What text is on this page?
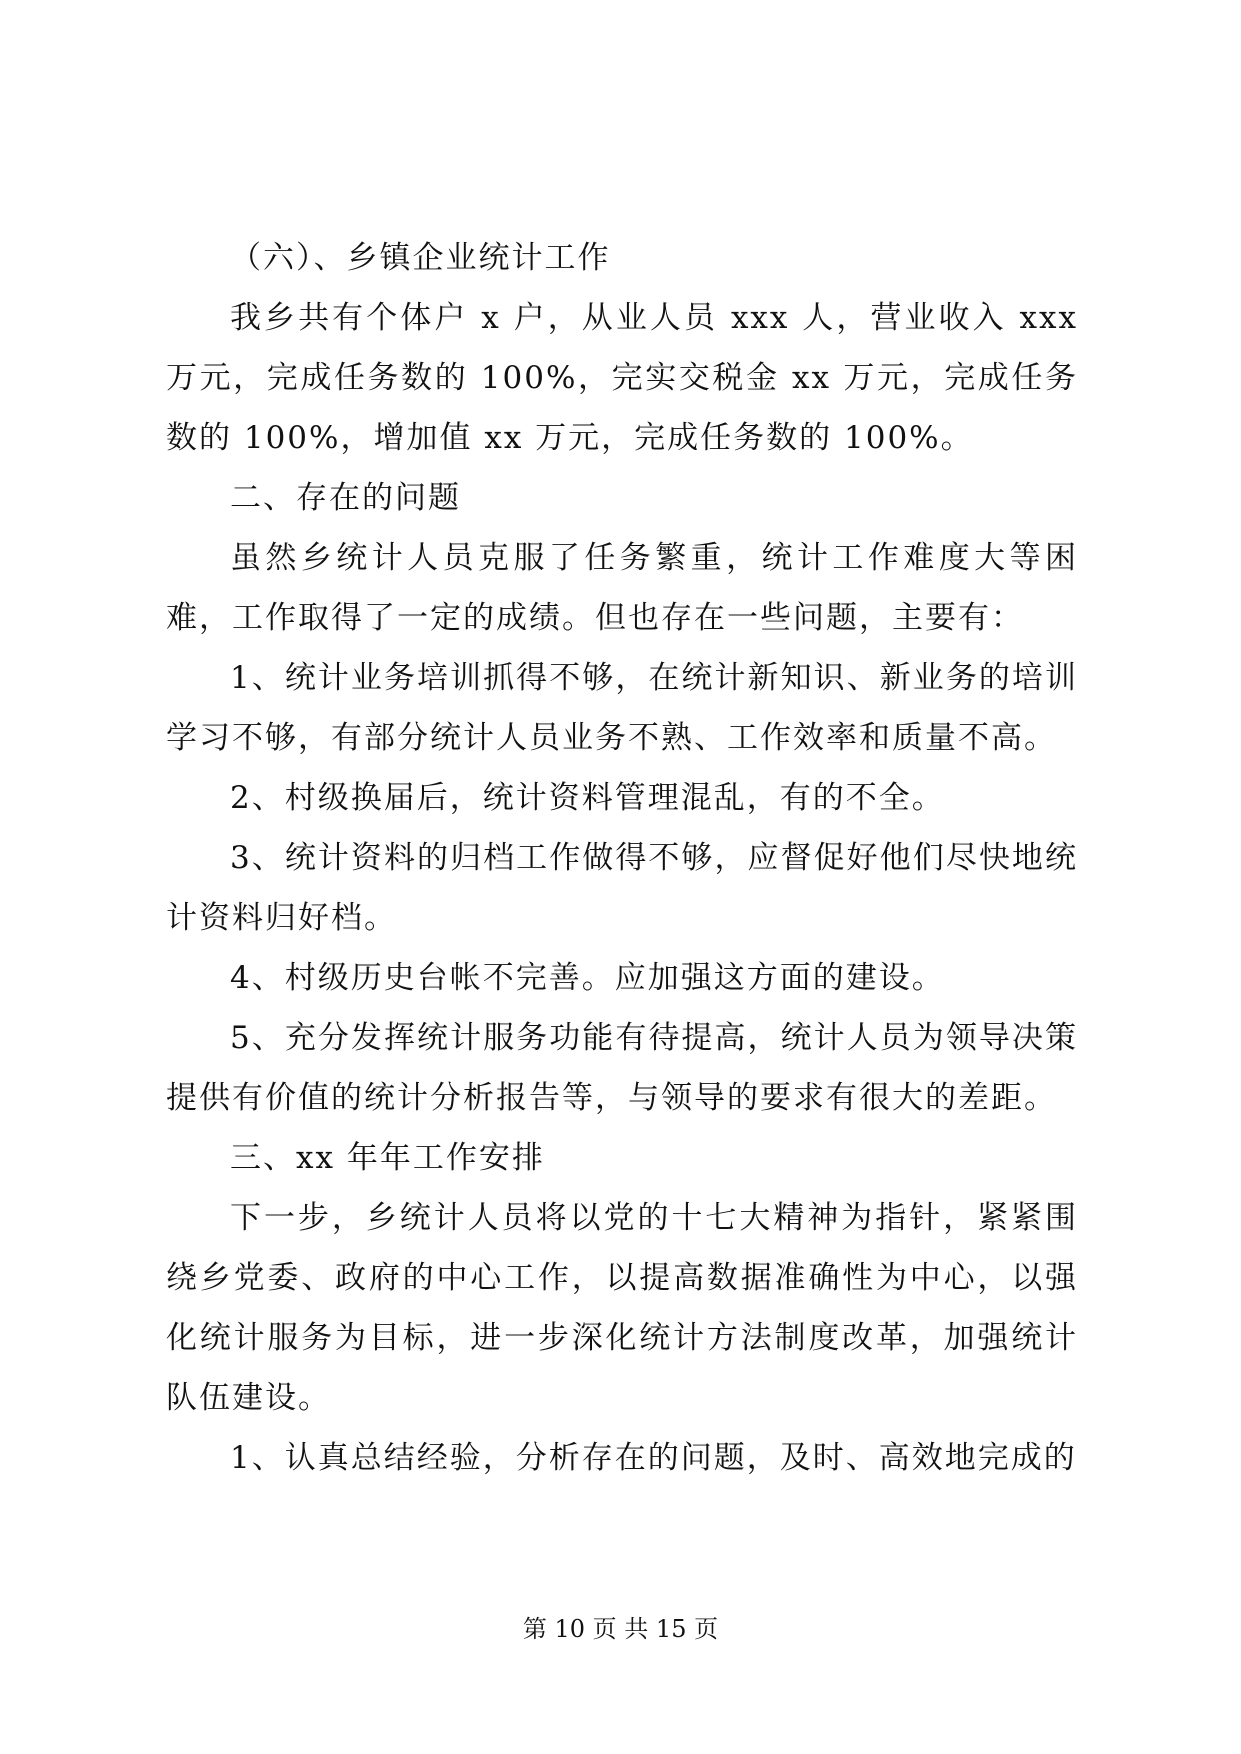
（六）、乡镇企业统计工作

我乡共有个体户 x 户，从业人员 xxx 人，营业收入 xxx 万元，完成任务数的 100%，完实交税金 xx 万元，完成任务数的 100%，增加值 xx 万元，完成任务数的 100%。

二、存在的问题

虽然乡统计人员克服了任务繁重，统计工作难度大等困难，工作取得了一定的成绩。但也存在一些问题，主要有：

1、统计业务培训抓得不够，在统计新知识、新业务的培训学习不够，有部分统计人员业务不熟、工作效率和质量不高。

2、村级换届后，统计资料管理混乱，有的不全。

3、统计资料的归档工作做得不够，应督促好他们尽快地统计资料归好档。

4、村级历史台帐不完善。应加强这方面的建设。

5、充分发挥统计服务功能有待提高，统计人员为领导决策提供有价值的统计分析报告等，与领导的要求有很大的差距。

三、xx 年年工作安排

下一步，乡统计人员将以党的十七大精神为指针，紧紧围绕乡党委、政府的中心工作，以提高数据准确性为中心，以强化统计服务为目标，进一步深化统计方法制度改革，加强统计队伍建设。

1、认真总结经验，分析存在的问题，及时、高效地完成的

第 10 页 共 15 页
